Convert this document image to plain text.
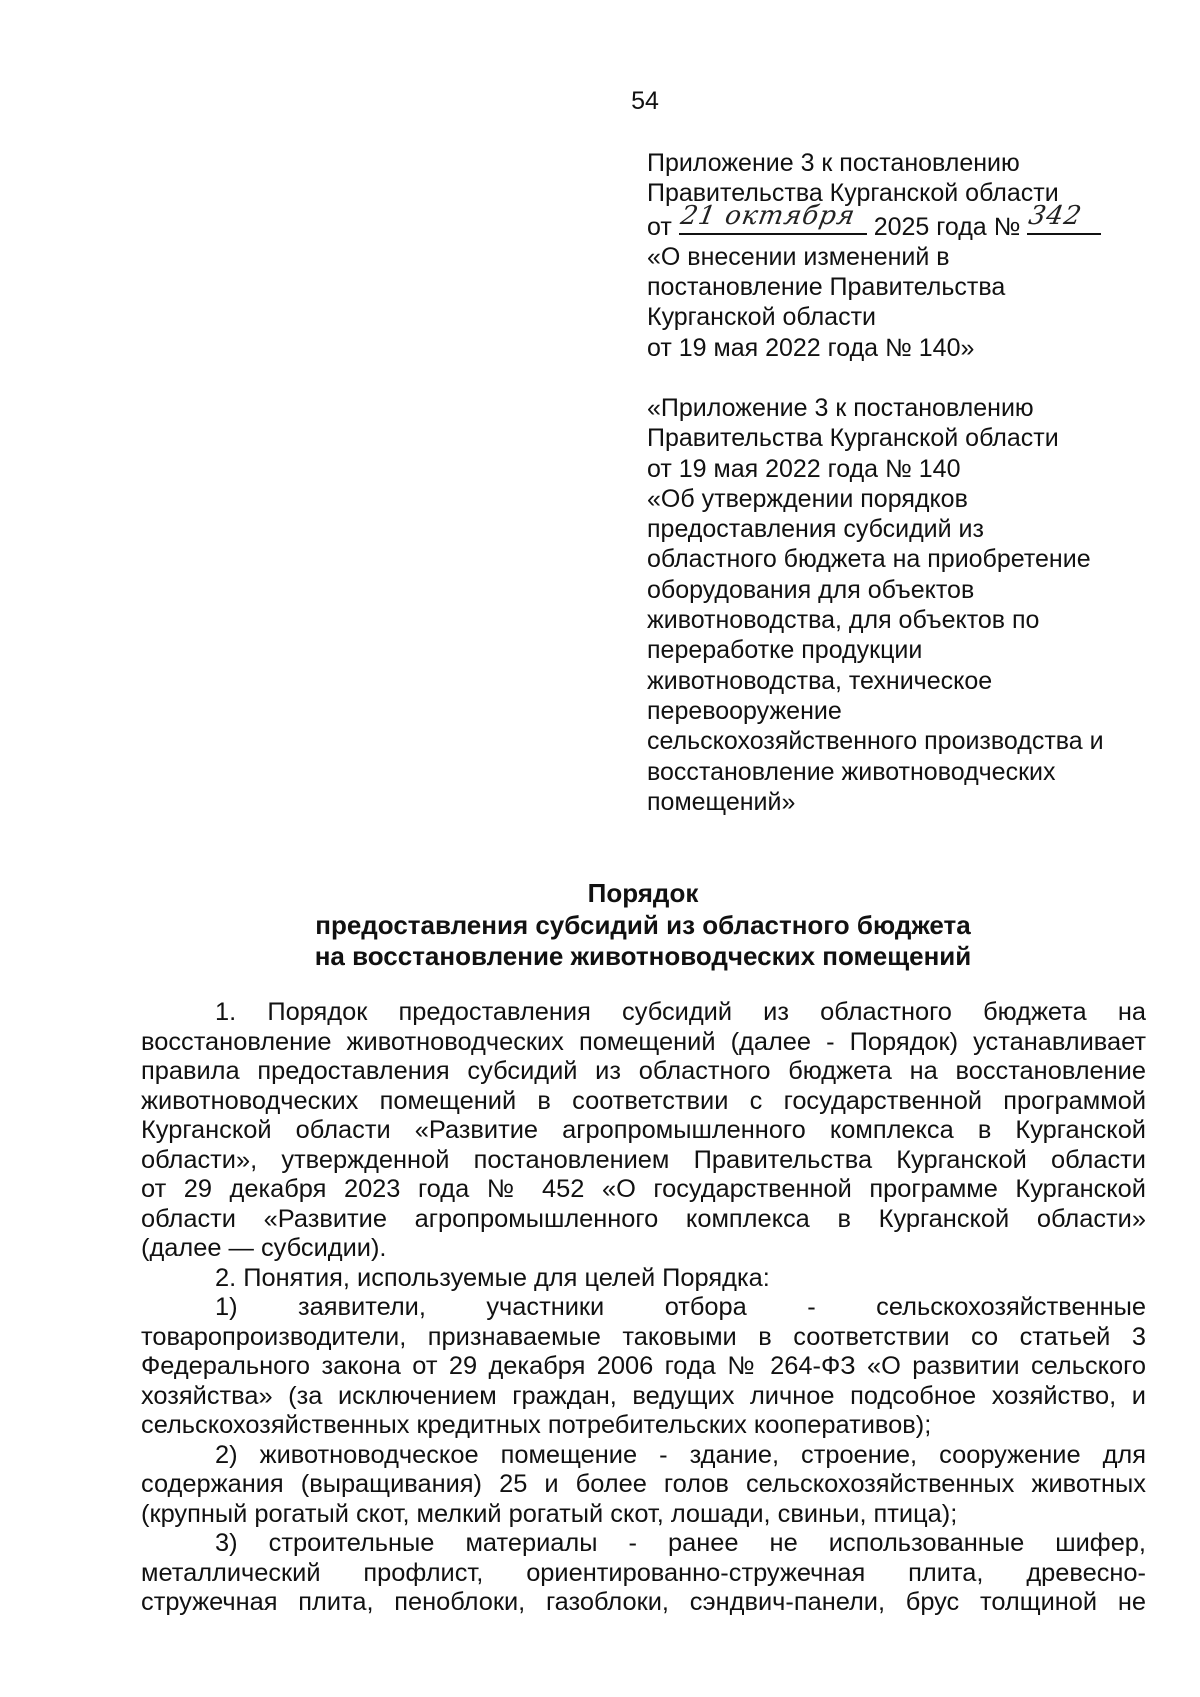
54
Приложение 3 к постановлению
Правительства Курганской области
от 21 октября 2025 года № 342
«О внесении изменений в
постановление Правительства
Курганской области
от 19 мая 2022 года № 140»
«Приложение 3 к постановлению
Правительства Курганской области
от 19 мая 2022 года № 140
«Об утверждении порядков
предоставления субсидий из
областного бюджета на приобретение
оборудования для объектов
животноводства, для объектов по
переработке продукции
животноводства, техническое
перевооружение
сельскохозяйственного производства и
восстановление животноводческих
помещений»
Порядок
предоставления субсидий из областного бюджета
на восстановление животноводческих помещений
1. Порядок предоставления субсидий из областного бюджета на
восстановление животноводческих помещений (далее - Порядок) устанавливает
правила предоставления субсидий из областного бюджета на восстановление
животноводческих помещений в соответствии с государственной программой
Курганской области «Развитие агропромышленного комплекса в Курганской
области», утвержденной постановлением Правительства Курганской области
от 29 декабря 2023 года № 452 «О государственной программе Курганской
области «Развитие агропромышленного комплекса в Курганской области»
(далее — субсидии).
2. Понятия, используемые для целей Порядка:
1) заявители, участники отбора - сельскохозяйственные
товаропроизводители, признаваемые таковыми в соответствии со статьей 3
Федерального закона от 29 декабря 2006 года № 264-ФЗ «О развитии сельского
хозяйства» (за исключением граждан, ведущих личное подсобное хозяйство, и
сельскохозяйственных кредитных потребительских кооперативов);
2) животноводческое помещение - здание, строение, сооружение для
содержания (выращивания) 25 и более голов сельскохозяйственных животных
(крупный рогатый скот, мелкий рогатый скот, лошади, свиньи, птица);
3) строительные материалы - ранее не использованные шифер,
металлический профлист, ориентированно-стружечная плита, древесно-
стружечная плита, пеноблоки, газоблоки, сэндвич-панели, брус толщиной не
